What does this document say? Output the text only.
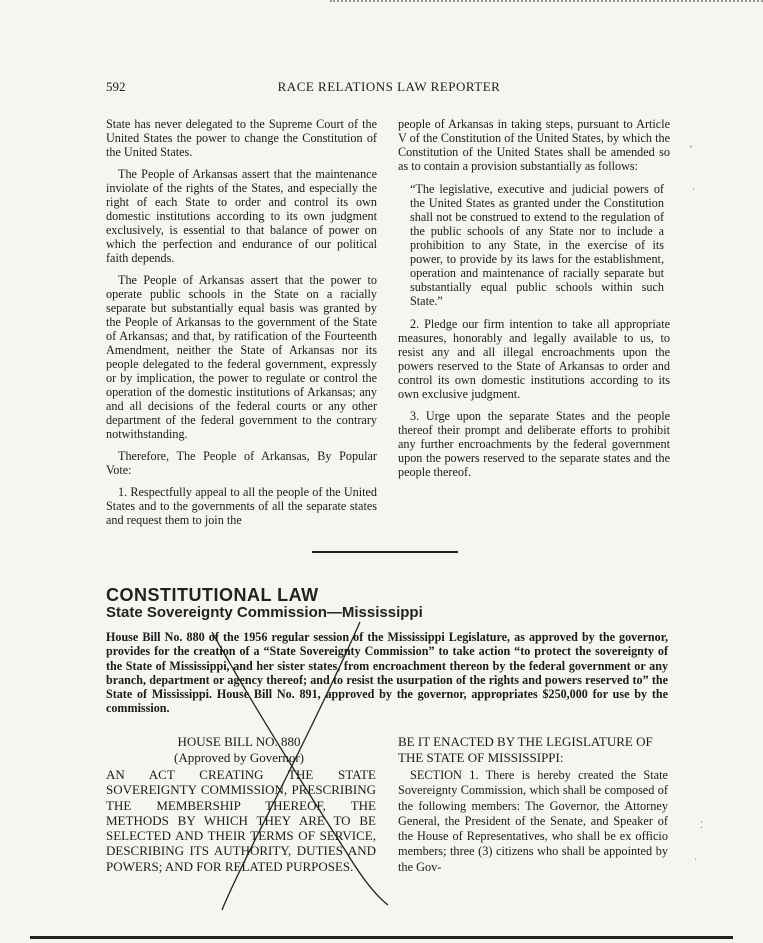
592	RACE RELATIONS LAW REPORTER

State has never delegated to the Supreme Court of the United States the power to change the Constitution of the United States.

The People of Arkansas assert that the maintenance inviolate of the rights of the States, and especially the right of each State to order and control its own domestic institutions according to its own judgment exclusively, is essential to that balance of power on which the perfection and endurance of our political faith depends.

The People of Arkansas assert that the power to operate public schools in the State on a racially separate but substantially equal basis was granted by the People of Arkansas to the government of the State of Arkansas; and that, by ratification of the Fourteenth Amendment, neither the State of Arkansas nor its people delegated to the federal government, expressly or by implication, the power to regulate or control the operation of the domestic institutions of Arkansas; any and all decisions of the federal courts or any other department of the federal government to the contrary notwithstanding.

Therefore, The People of Arkansas, By Popular Vote:

1. Respectfully appeal to all the people of the United States and to the governments of all the separate states and request them to join the

people of Arkansas in taking steps, pursuant to Article V of the Constitution of the United States, by which the Constitution of the United States shall be amended so as to contain a provision substantially as follows:

“The legislative, executive and judicial powers of the United States as granted under the Constitution shall not be construed to extend to the regulation of the public schools of any State nor to include a prohibition to any State, in the exercise of its power, to provide by its laws for the establishment, operation and maintenance of racially separate but substantially equal public schools within such State.”

2. Pledge our firm intention to take all appropriate measures, honorably and legally available to us, to resist any and all illegal encroachments upon the powers reserved to the State of Arkansas to order and control its own domestic institutions according to its own exclusive judgment.

3. Urge upon the separate States and the people thereof their prompt and deliberate efforts to prohibit any further encroachments by the federal government upon the powers reserved to the separate states and the people thereof.

CONSTITUTIONAL LAW
State Sovereignty Commission—Mississippi
House Bill No. 880 of the 1956 regular session of the Mississippi Legislature, as approved by the governor, provides for the creation of a “State Sovereignty Commission” to take action “to protect the sovereignty of the State of Mississippi, and her sister states, from encroachment thereon by the federal government or any branch, department or agency thereof; and to resist the usurpation of the rights and powers reserved to” the State of Mississippi. House Bill No. 891, approved by the governor, appropriates $250,000 for use by the commission.
HOUSE BILL NO. 880
(Approved by Governor)
AN ACT CREATING THE STATE SOVEREIGNTY COMMISSION, PRESCRIBING THE MEMBERSHIP THEREOF, THE METHODS BY WHICH THEY ARE TO BE SELECTED AND THEIR TERMS OF SERVICE, DESCRIBING ITS AUTHORITY, DUTIES AND POWERS; AND FOR RELATED PURPOSES.
BE IT ENACTED BY THE LEGISLATURE OF THE STATE OF MISSISSIPPI:

SECTION 1. There is hereby created the State Sovereignty Commission, which shall be composed of the following members: The Governor, the Attorney General, the President of the Senate, and Speaker of the House of Representatives, who shall be ex officio members; three (3) citizens who shall be appointed by the Gov-

⸴
ˌ
⁚
ˈ
